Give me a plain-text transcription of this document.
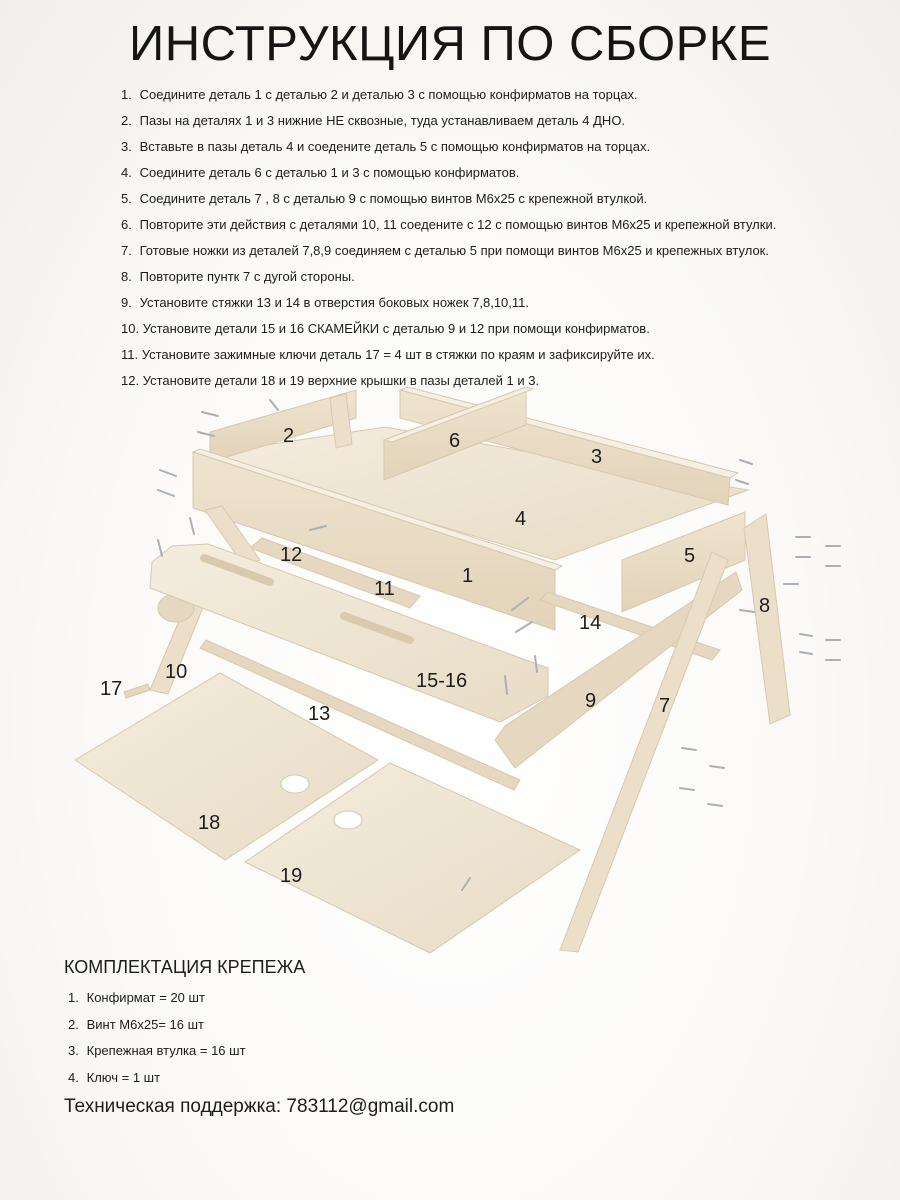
ИНСТРУКЦИЯ ПО СБОРКЕ
1. Соедините деталь 1 с деталью 2 и деталью 3 с помощью конфирматов на торцах.
2. Пазы на деталях 1 и 3 нижние НЕ сквозные, туда устанавливаем деталь 4 ДНО.
3. Вставьте в пазы деталь 4 и соедените деталь 5 с помощью конфирматов на торцах.
4. Соедините деталь 6 с деталью 1 и 3 с помощью конфирматов.
5. Соедините деталь 7 , 8 с деталью 9 с помощью винтов М6х25 с крепежной втулкой.
6. Повторите эти действия с деталями 10, 11 соедените с 12 с помощью винтов М6х25 и крепежной втулки.
7. Готовые ножки из деталей 7,8,9 соединяем с деталью 5 при помощи винтов М6х25 и крепежных втулок.
8. Повторите пунтк 7 с дугой стороны.
9. Установите стяжки 13 и 14 в отверстия боковых ножек 7,8,10,11.
10. Установите детали 15 и 16 СКАМЕЙКИ с деталью 9 и 12 при помощи конфирматов.
11. Установите зажимные ключи деталь 17 = 4 шт в стяжки по краям и зафиксируйте их.
12. Установите детали 18 и 19 верхние крышки в пазы деталей 1 и 3.
1
2
3
4
5
6
7
8
9
10
11
12
13
14
15-16
17
18
19
КОМПЛЕКТАЦИЯ КРЕПЕЖА
1. Конфирмат = 20 шт
2. Винт М6х25= 16 шт
3. Крепежная втулка = 16 шт
4. Ключ = 1 шт
Техническая поддержка: 783112@gmail.com
